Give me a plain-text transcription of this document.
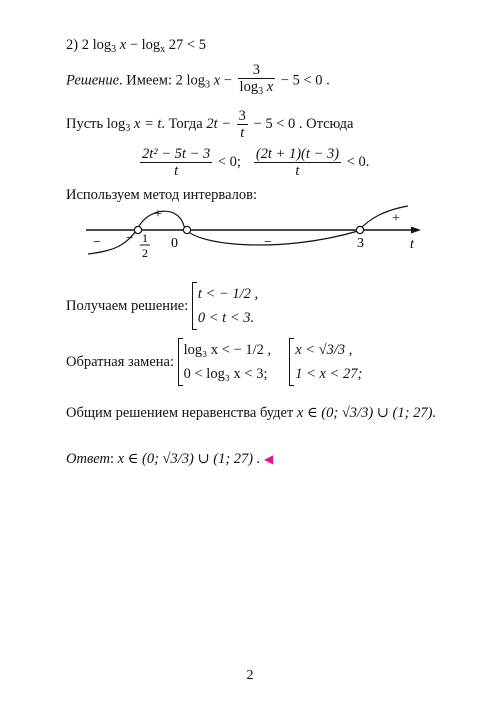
2) 2 $\log_3 x - \log_x 27 < 5$
Решение. Имеем: 2 $\log_3 x - \frac{3}{\log_3 x} - 5 < 0$ .
Пусть $\log_3 x = t$. Тогда $2t - \frac{3}{t} - 5 < 0$ . Отсюда
$\frac{\text{2t² − 5t − 3}}{t} < 0$; $\frac{(2t + 1)(t - 3)}{t} < 0$.
Используем метод интервалов:
−
+
−
+
− 1
2
0	3	t
Получаем решение:
t < − 1/2 ,
0 < t < 3.
Обратная замена:
log₃ x < − 1/2 ,
0 < log₃ x < 3;

x < √3/3 ,
1 < x < 27;
Общим решением неравенства будет x ∈ (0; √3/3) ∪ (1; 27).
Ответ: x ∈ (0; √3/3) ∪ (1; 27) . ◀
2
